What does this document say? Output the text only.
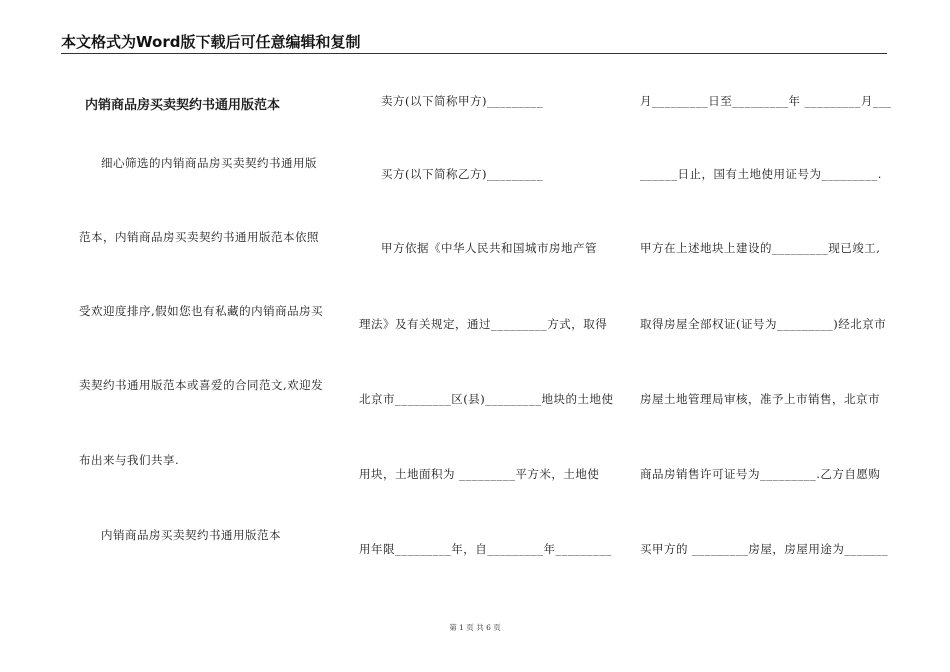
本文格式为Word版下载后可任意编辑和复制
内销商品房买卖契约书通用版范本
细心筛选的内销商品房买卖契约书通用版
范本，内销商品房买卖契约书通用版范本依照
受欢迎度排序,假如您也有私藏的内销商品房买
卖契约书通用版范本或喜爱的合同范文,欢迎发
布出来与我们共享.
内销商品房买卖契约书通用版范本
卖方(以下简称甲方)_________
买方(以下简称乙方)_________
甲方依据《中华人民共和国城市房地产管
理法》及有关规定，通过_________方式，取得
北京市_________区(县)_________地块的土地使
用块，土地面积为 _________平方米，土地使
用年限_________年，自_________年_________
月_________日至_________年 _________月___
______日止，国有土地使用证号为_________.
甲方在上述地块上建设的_________现已竣工,
取得房屋全部权证(证号为_________)经北京市
房屋土地管理局审核，准予上市销售，北京市
商品房销售许可证号为_________.乙方自愿购
买甲方的 _________房屋，房屋用途为_______
第 1 页 共 6 页
